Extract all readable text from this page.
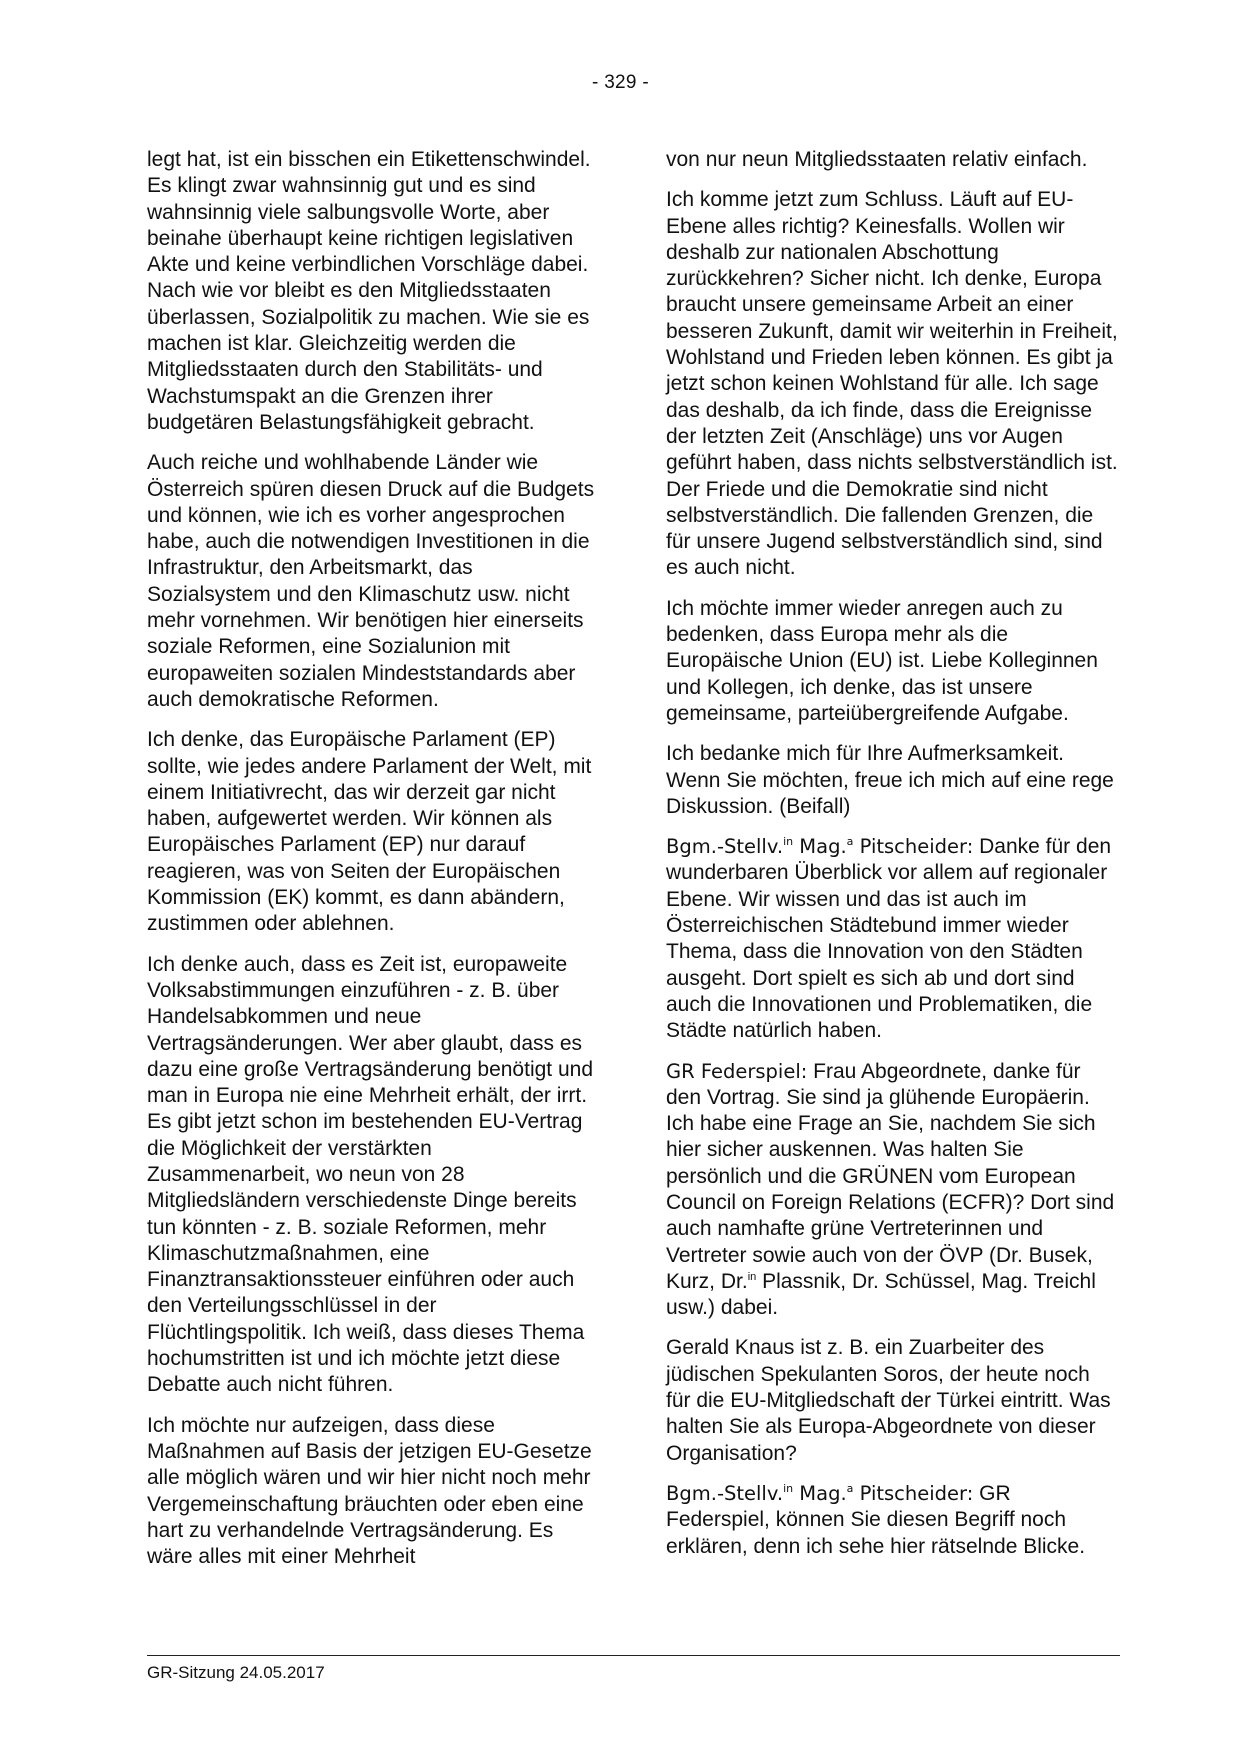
- 329 -

legt hat, ist ein bisschen ein Etikettenschwindel. Es klingt zwar wahnsinnig gut und es sind wahnsinnig viele salbungsvolle Worte, aber beinahe überhaupt keine richtigen legislativen Akte und keine verbindlichen Vorschläge dabei. Nach wie vor bleibt es den Mitgliedsstaaten überlassen, Sozialpolitik zu machen. Wie sie es machen ist klar. Gleichzeitig werden die Mitgliedsstaaten durch den Stabilitäts- und Wachstumspakt an die Grenzen ihrer budgetären Belastungsfähigkeit gebracht.

Auch reiche und wohlhabende Länder wie Österreich spüren diesen Druck auf die Budgets und können, wie ich es vorher angesprochen habe, auch die notwendigen Investitionen in die Infrastruktur, den Arbeitsmarkt, das Sozialsystem und den Klimaschutz usw. nicht mehr vornehmen. Wir benötigen hier einerseits soziale Reformen, eine Sozialunion mit europaweiten sozialen Mindeststandards aber auch demokratische Reformen.

Ich denke, das Europäische Parlament (EP) sollte, wie jedes andere Parlament der Welt, mit einem Initiativrecht, das wir derzeit gar nicht haben, aufgewertet werden. Wir können als Europäisches Parlament (EP) nur darauf reagieren, was von Seiten der Europäischen Kommission (EK) kommt, es dann abändern, zustimmen oder ablehnen.

Ich denke auch, dass es Zeit ist, europaweite Volksabstimmungen einzuführen - z. B. über Handelsabkommen und neue Vertragsänderungen. Wer aber glaubt, dass es dazu eine große Vertragsänderung benötigt und man in Europa nie eine Mehrheit erhält, der irrt. Es gibt jetzt schon im bestehenden EU-Vertrag die Möglichkeit der verstärkten Zusammenarbeit, wo neun von 28 Mitgliedsländern verschiedenste Dinge bereits tun könnten - z. B. soziale Reformen, mehr Klimaschutzmaßnahmen, eine Finanztransaktionssteuer einführen oder auch den Verteilungsschlüssel in der Flüchtlingspolitik. Ich weiß, dass dieses Thema hochumstritten ist und ich möchte jetzt diese Debatte auch nicht führen.

Ich möchte nur aufzeigen, dass diese Maßnahmen auf Basis der jetzigen EU-Gesetze alle möglich wären und wir hier nicht noch mehr Vergemeinschaftung bräuchten oder eben eine hart zu verhandelnde Vertragsänderung. Es wäre alles mit einer Mehrheit

von nur neun Mitgliedsstaaten relativ einfach.

Ich komme jetzt zum Schluss. Läuft auf EU-Ebene alles richtig? Keinesfalls. Wollen wir deshalb zur nationalen Abschottung zurückkehren? Sicher nicht. Ich denke, Europa braucht unsere gemeinsame Arbeit an einer besseren Zukunft, damit wir weiterhin in Freiheit, Wohlstand und Frieden leben können. Es gibt ja jetzt schon keinen Wohlstand für alle. Ich sage das deshalb, da ich finde, dass die Ereignisse der letzten Zeit (Anschläge) uns vor Augen geführt haben, dass nichts selbstverständlich ist. Der Friede und die Demokratie sind nicht selbstverständlich. Die fallenden Grenzen, die für unsere Jugend selbstverständlich sind, sind es auch nicht.

Ich möchte immer wieder anregen auch zu bedenken, dass Europa mehr als die Europäische Union (EU) ist. Liebe Kolleginnen und Kollegen, ich denke, das ist unsere gemeinsame, parteiübergreifende Aufgabe.

Ich bedanke mich für Ihre Aufmerksamkeit. Wenn Sie möchten, freue ich mich auf eine rege Diskussion. (Beifall)

Bgm.-Stellv.$^{in}$ Mag.$^a$ Pitscheider: Danke für den wunderbaren Überblick vor allem auf regionaler Ebene. Wir wissen und das ist auch im Österreichischen Städtebund immer wieder Thema, dass die Innovation von den Städten ausgeht. Dort spielt es sich ab und dort sind auch die Innovationen und Problematiken, die Städte natürlich haben.

GR Federspiel: Frau Abgeordnete, danke für den Vortrag. Sie sind ja glühende Europäerin. Ich habe eine Frage an Sie, nachdem Sie sich hier sicher auskennen. Was halten Sie persönlich und die GRÜNEN vom European Council on Foreign Relations (ECFR)? Dort sind auch namhafte grüne Vertreterinnen und Vertreter sowie auch von der ÖVP (Dr. Busek, Kurz, Dr.$^{in}$ Plassnik, Dr. Schüssel, Mag. Treichl usw.) dabei.

Gerald Knaus ist z. B. ein Zuarbeiter des jüdischen Spekulanten Soros, der heute noch für die EU-Mitgliedschaft der Türkei eintritt. Was halten Sie als Europa-Abgeordnete von dieser Organisation?

Bgm.-Stellv.$^{in}$ Mag.$^a$ Pitscheider: GR Federspiel, können Sie diesen Begriff noch erklären, denn ich sehe hier rätselnde Blicke.

GR-Sitzung 24.05.2017
